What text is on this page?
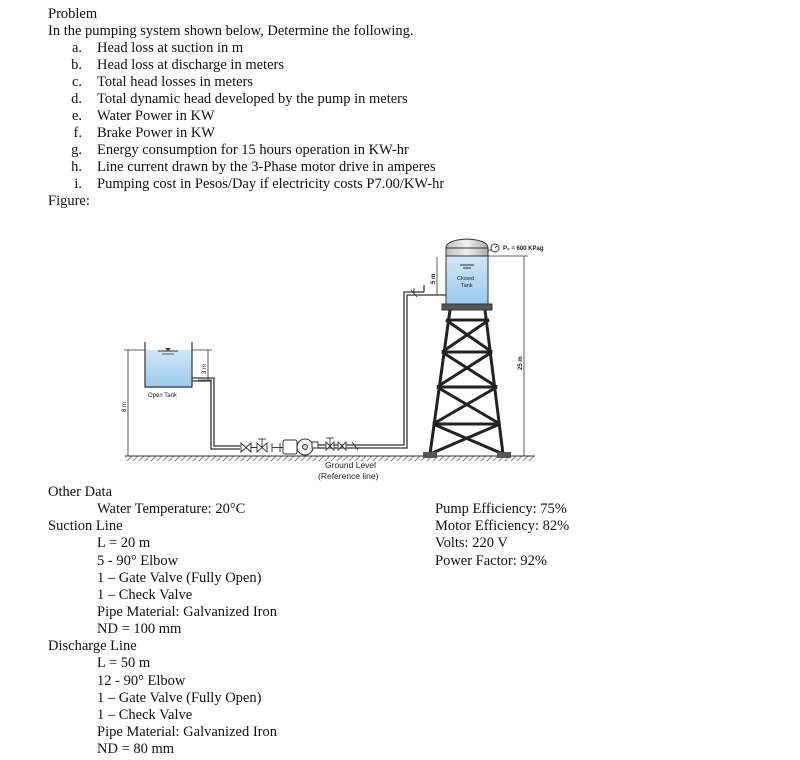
Problem
In the pumping system shown below, Determine the following.
a. Head loss at suction in m
b. Head loss at discharge in meters
c. Total head losses in meters
d. Total dynamic head developed by the pump in meters
e. Water Power in KW
f. Brake Power in KW
g. Energy consumption for 15 hours operation in KW-hr
h. Line current drawn by the 3-Phase motor drive in amperes
i. Pumping cost in Pesos/Day if electricity costs P7.00/KW-hr
Figure:
Open Tank
8 m
3 m
5 m	Closed
Tank
P₂ = 600 KPag
25 m
Ground Level
(Reference line)
Other Data
Water Temperature: 20°C
Suction Line
L = 20 m
5 - 90° Elbow
1 – Gate Valve (Fully Open)
1 – Check Valve
Pipe Material: Galvanized Iron
ND = 100 mm
Discharge Line
L = 50 m
12 - 90° Elbow
1 – Gate Valve (Fully Open)
1 – Check Valve
Pipe Material: Galvanized Iron
ND = 80 mm
Pump Efficiency: 75%
Motor Efficiency: 82%
Volts: 220 V
Power Factor: 92%
